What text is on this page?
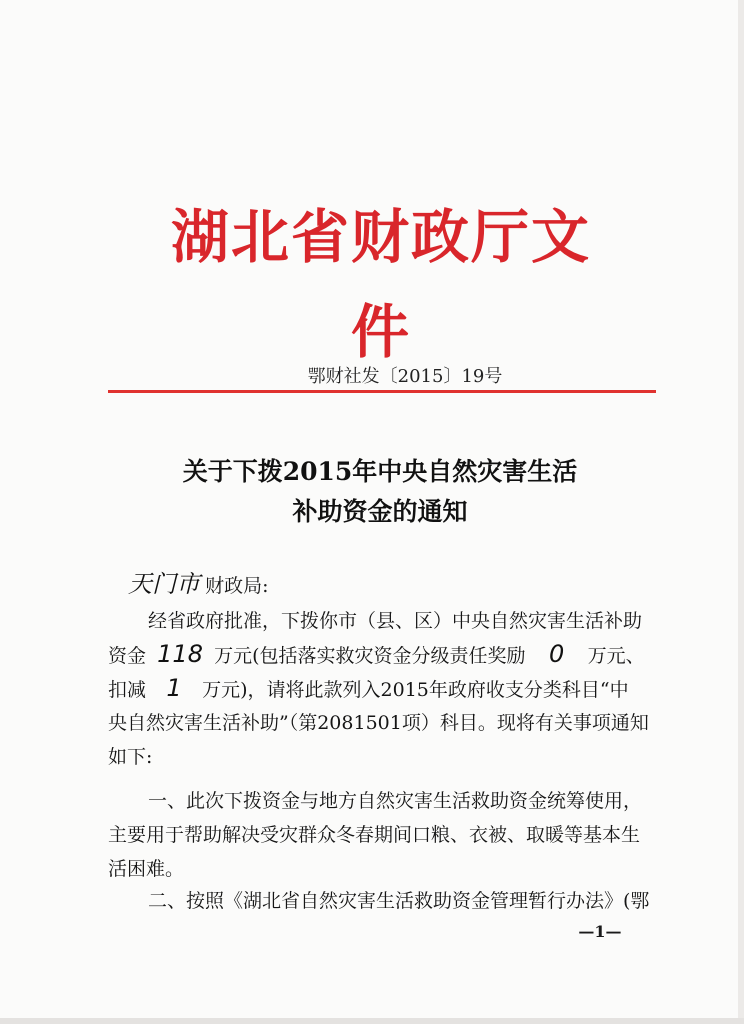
湖北省财政厅文件
鄂财社发〔2015〕19号
关于下拨2015年中央自然灾害生活
补助资金的通知
天门市 财政局:
经省政府批准，下拨你市（县、区）中央自然灾害生活补助
资金 118 万元(包括落实救灾资金分级责任奖励 0 万元、
扣减 1 万元)，请将此款列入2015年政府收支分类科目“中
央自然灾害生活补助”（第2081501项）科目。现将有关事项通知
如下:
一、此次下拨资金与地方自然灾害生活救助资金统筹使用，
主要用于帮助解决受灾群众冬春期间口粮、衣被、取暖等基本生
活困难。
二、按照《湖北省自然灾害生活救助资金管理暂行办法》(鄂
—1—
